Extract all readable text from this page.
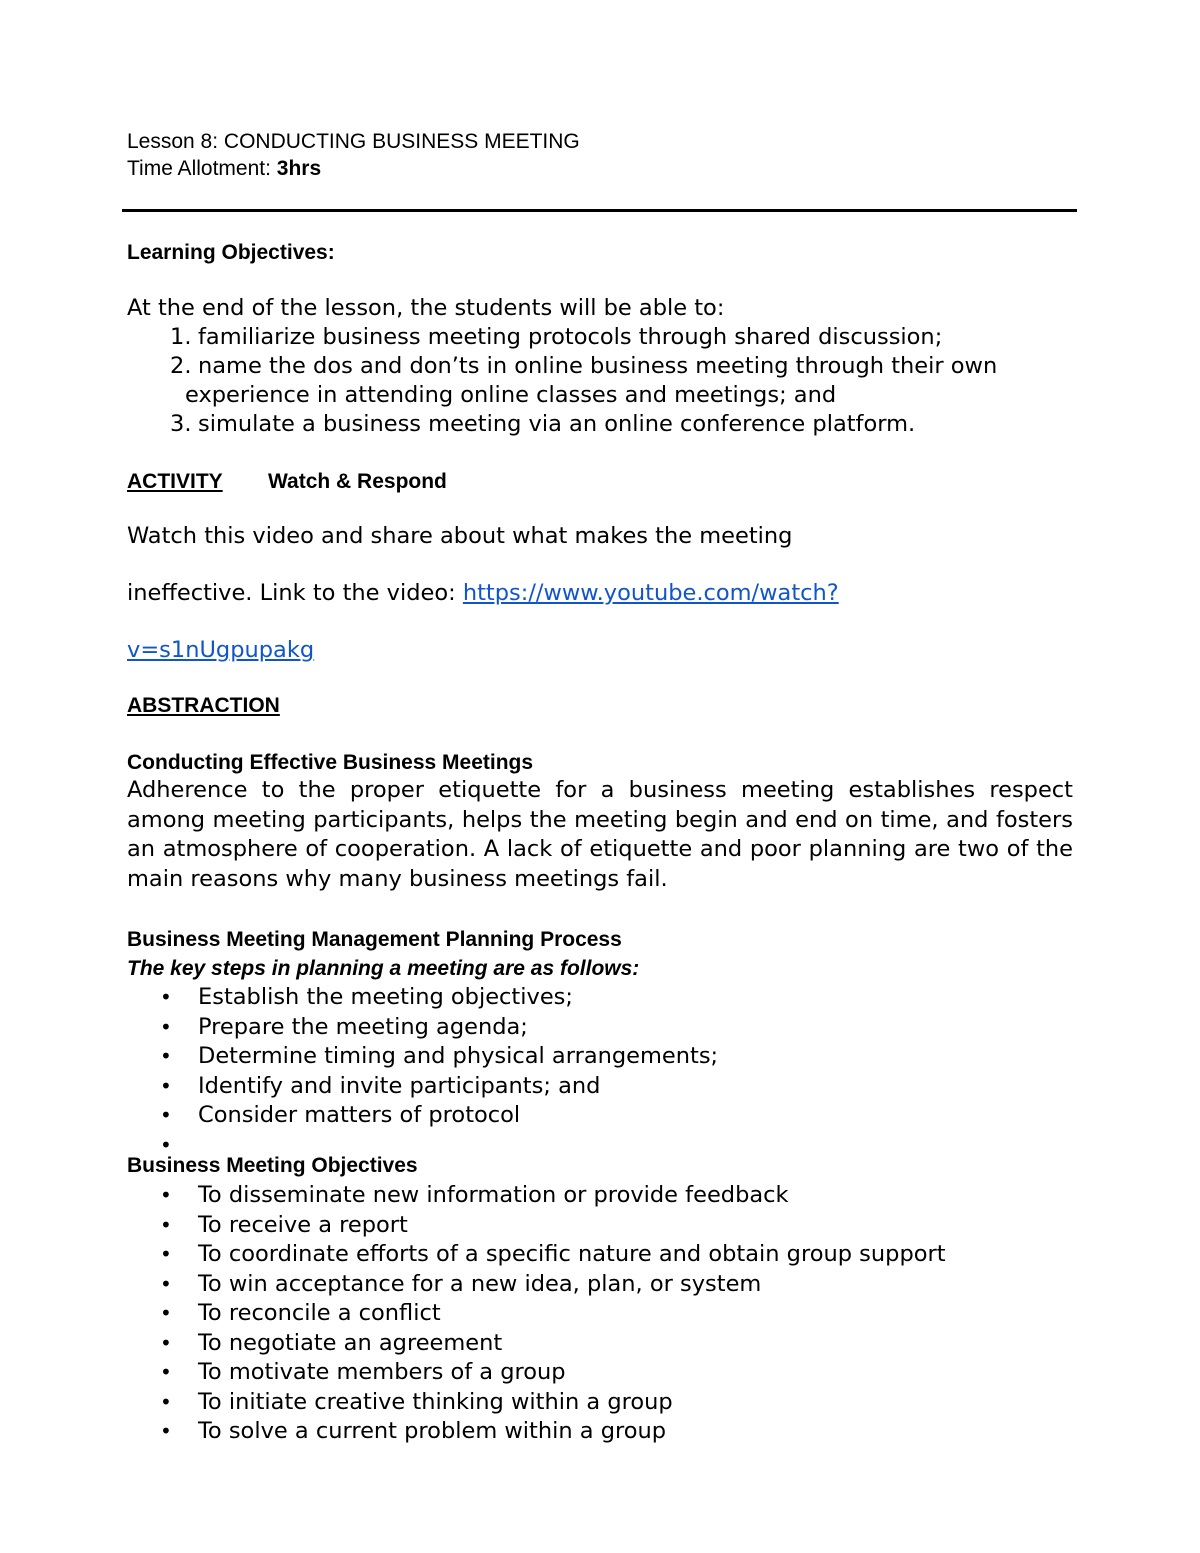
Lesson 8: CONDUCTING BUSINESS MEETING
Time Allotment: 3hrs
Learning Objectives:
At the end of the lesson, the students will be able to:
1. familiarize business meeting protocols through shared discussion;
2. name the dos and don’ts in online business meeting through their own
experience in attending online classes and meetings; and
3. simulate a business meeting via an online conference platform.
ACTIVITY Watch & Respond
Watch this video and share about what makes the meeting
ineffective. Link to the video: https://www.youtube.com/watch?
v=s1nUgpupakg
ABSTRACTION
Conducting Effective Business Meetings
Adherence to the proper etiquette for a business meeting establishes respect among meeting participants, helps the meeting begin and end on time, and fosters an atmosphere of cooperation. A lack of etiquette and poor planning are two of the main reasons why many business meetings fail.
Business Meeting Management Planning Process
The key steps in planning a meeting are as follows:
• Establish the meeting objectives;
• Prepare the meeting agenda;
• Determine timing and physical arrangements;
• Identify and invite participants; and
• Consider matters of protocol
•
Business Meeting Objectives
• To disseminate new information or provide feedback
• To receive a report
• To coordinate efforts of a specific nature and obtain group support
• To win acceptance for a new idea, plan, or system
• To reconcile a conflict
• To negotiate an agreement
• To motivate members of a group
• To initiate creative thinking within a group
• To solve a current problem within a group
